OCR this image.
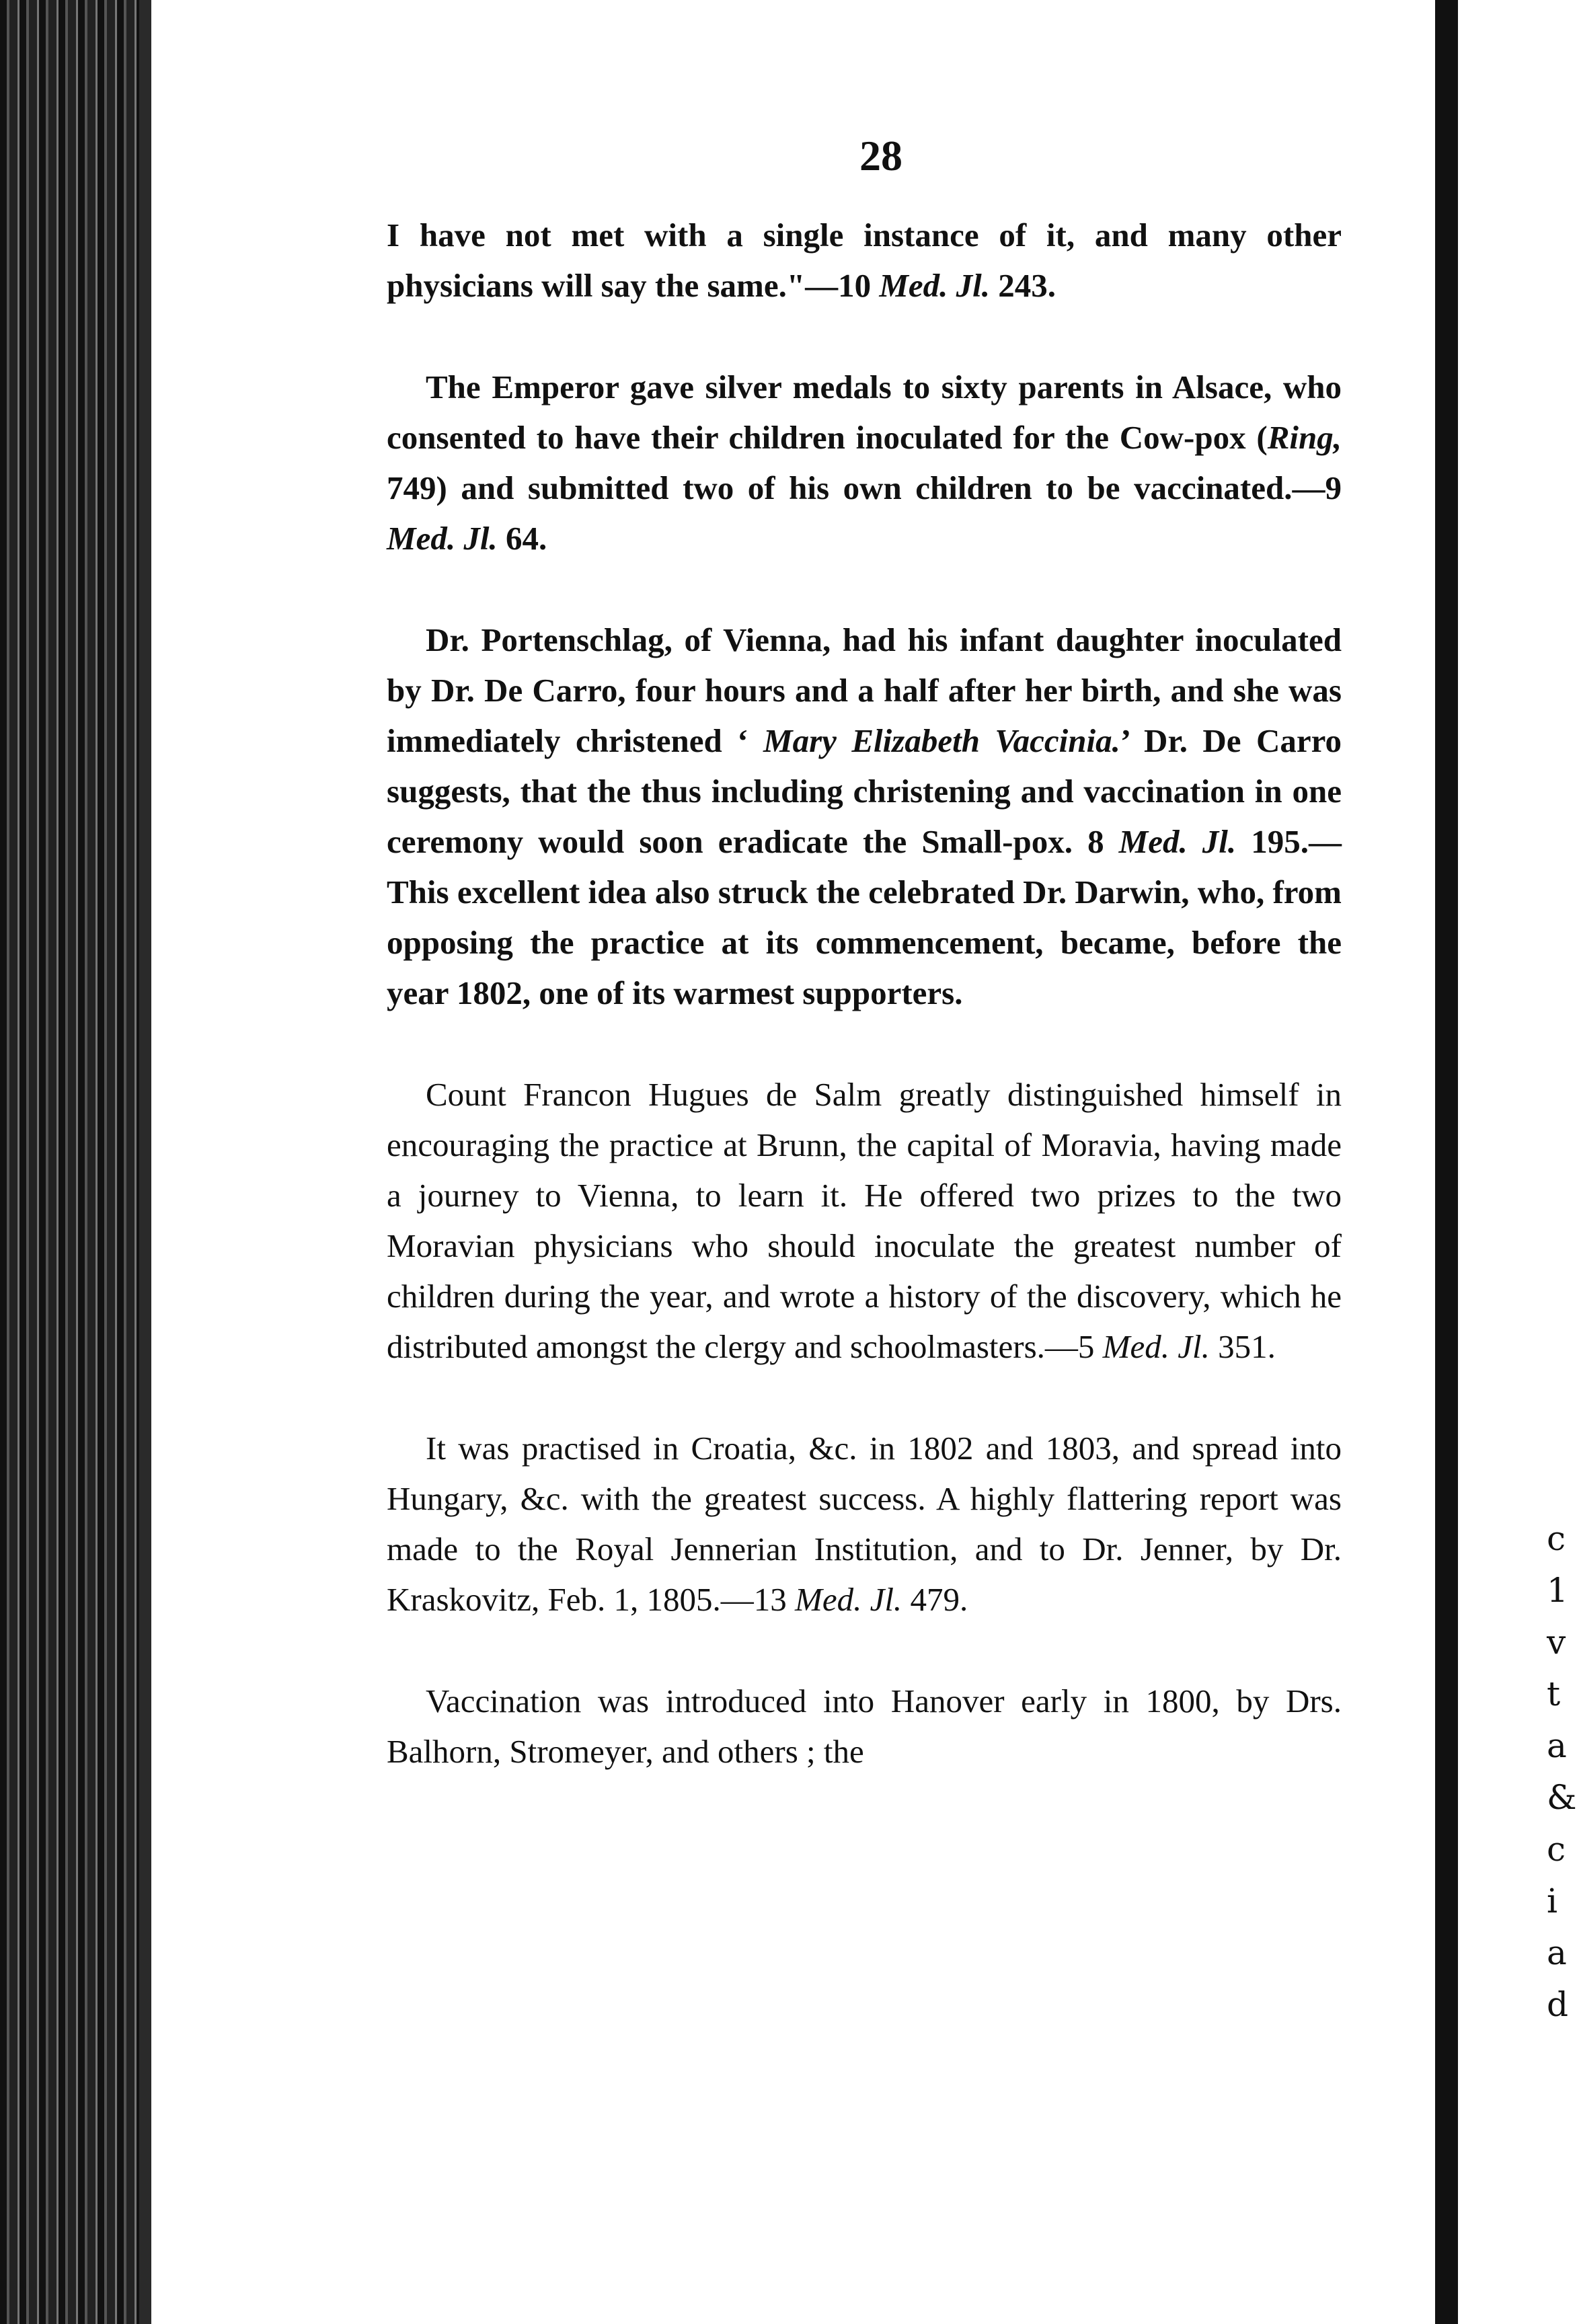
c
1
v
t
a
&
c
i
a
d
28

I have not met with a single instance of it, and many other physicians will say the same."—10 Med. Jl. 243.

The Emperor gave silver medals to sixty parents in Alsace, who consented to have their children inoculated for the Cow-pox (Ring, 749) and submitted two of his own children to be vaccinated.—9 Med. Jl. 64.

Dr. Portenschlag, of Vienna, had his infant daughter inoculated by Dr. De Carro, four hours and a half after her birth, and she was immediately christened ‘ Mary Elizabeth Vaccinia.’ Dr. De Carro suggests, that the thus including christening and vaccination in one ceremony would soon eradicate the Small-pox. 8 Med. Jl. 195.—This excellent idea also struck the celebrated Dr. Darwin, who, from opposing the practice at its commencement, became, before the year 1802, one of its warmest supporters.

Count Francon Hugues de Salm greatly distinguished himself in encouraging the practice at Brunn, the capital of Moravia, having made a journey to Vienna, to learn it. He offered two prizes to the two Moravian physicians who should inoculate the greatest number of children during the year, and wrote a history of the discovery, which he distributed amongst the clergy and schoolmasters.—5 Med. Jl. 351.

It was practised in Croatia, &c. in 1802 and 1803, and spread into Hungary, &c. with the greatest success. A highly flattering report was made to the Royal Jennerian Institution, and to Dr. Jenner, by Dr. Kraskovitz, Feb. 1, 1805.—13 Med. Jl. 479.

Vaccination was introduced into Hanover early in 1800, by Drs. Balhorn, Stromeyer, and others ; the
